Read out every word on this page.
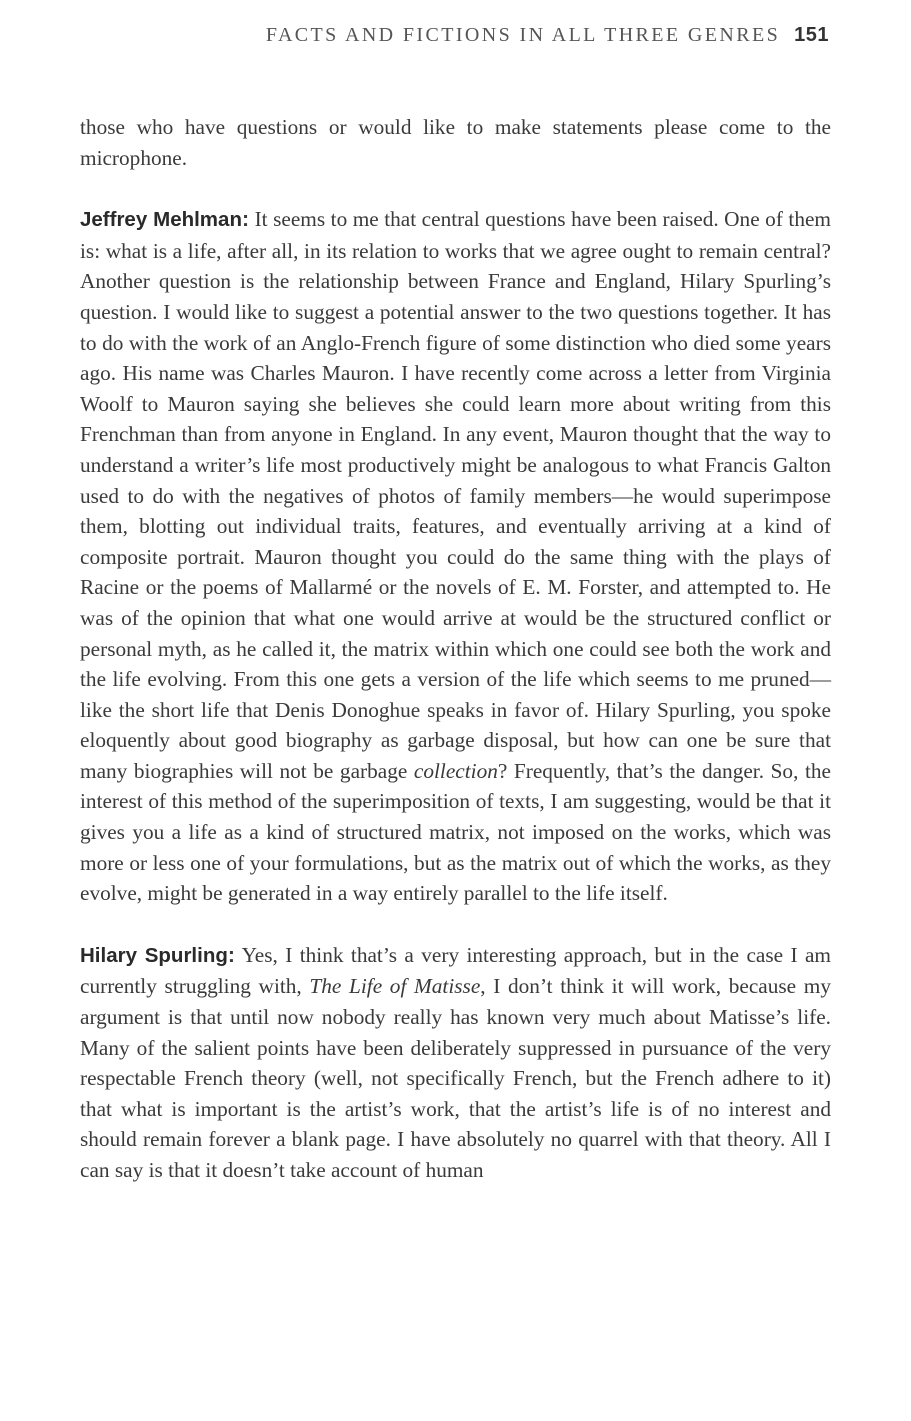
FACTS AND FICTIONS IN ALL THREE GENRES 151

those who have questions or would like to make statements please come to the microphone.

Jeffrey Mehlman: It seems to me that central questions have been raised. One of them is: what is a life, after all, in its relation to works that we agree ought to remain central? Another question is the relationship between France and England, Hilary Spurling’s question. I would like to suggest a potential answer to the two questions together. It has to do with the work of an Anglo-French figure of some distinction who died some years ago. His name was Charles Mauron. I have recently come across a letter from Virginia Woolf to Mauron saying she believes she could learn more about writing from this Frenchman than from anyone in England. In any event, Mauron thought that the way to understand a writer’s life most productively might be analogous to what Francis Galton used to do with the negatives of photos of family members—he would superimpose them, blotting out individual traits, features, and eventually arriving at a kind of composite portrait. Mauron thought you could do the same thing with the plays of Racine or the poems of Mallarmé or the novels of E. M. Forster, and attempted to. He was of the opinion that what one would arrive at would be the structured conflict or personal myth, as he called it, the matrix within which one could see both the work and the life evolving. From this one gets a version of the life which seems to me pruned—like the short life that Denis Donoghue speaks in favor of. Hilary Spurling, you spoke eloquently about good biography as garbage disposal, but how can one be sure that many biographies will not be garbage collection? Frequently, that’s the danger. So, the interest of this method of the superimposition of texts, I am suggesting, would be that it gives you a life as a kind of structured matrix, not imposed on the works, which was more or less one of your formulations, but as the matrix out of which the works, as they evolve, might be generated in a way entirely parallel to the life itself.

Hilary Spurling: Yes, I think that’s a very interesting approach, but in the case I am currently struggling with, The Life of Matisse, I don’t think it will work, because my argument is that until now nobody really has known very much about Matisse’s life. Many of the salient points have been deliberately suppressed in pursuance of the very respectable French theory (well, not specifically French, but the French adhere to it) that what is important is the artist’s work, that the artist’s life is of no interest and should remain forever a blank page. I have absolutely no quarrel with that theory. All I can say is that it doesn’t take account of human
